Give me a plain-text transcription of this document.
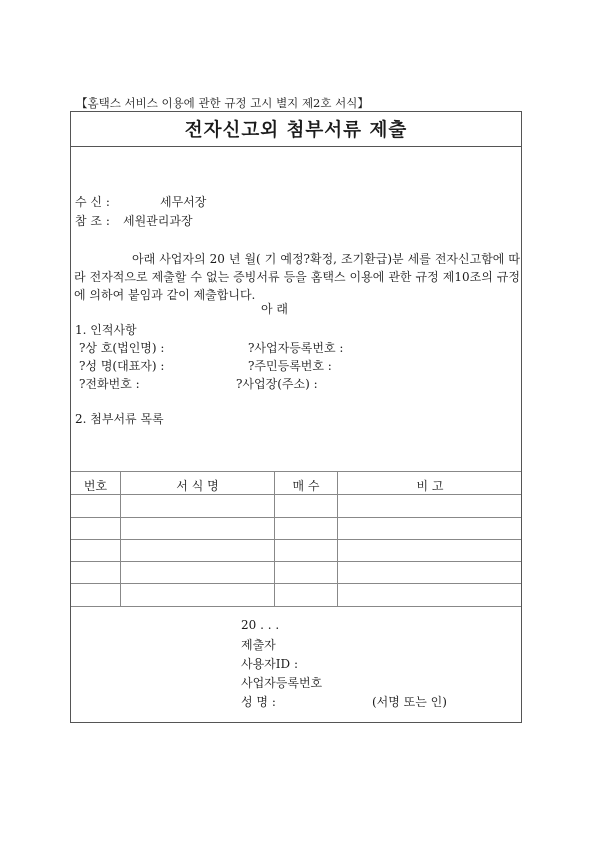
【홈택스 서비스 이용에 관한 규정 고시 별지 제2호 서식】
전자신고외 첨부서류 제출
수 신 :	세무서장
참 조 : 세원관리과장
아래 사업자의 20 년 월( 기 예정?확정, 조기환급)분 세를 전자신고함에 따라 전자적으로 제출할 수 없는 증빙서류 등을 홈택스 이용에 관한 규정 제10조의 규정에 의하여 붙임과 같이 제출합니다.
아 래
1. 인적사항
?상 호(법인명) :	?사업자등록번호 :
?성 명(대표자) :	?주민등록번호 :
?전화번호 :	?사업장(주소) :
2. 첨부서류 목록
번호	서 식 명	매 수	비 고
20 . . .
제출자
사용자ID :
사업자등록번호
성 명 :	(서명 또는 인)
